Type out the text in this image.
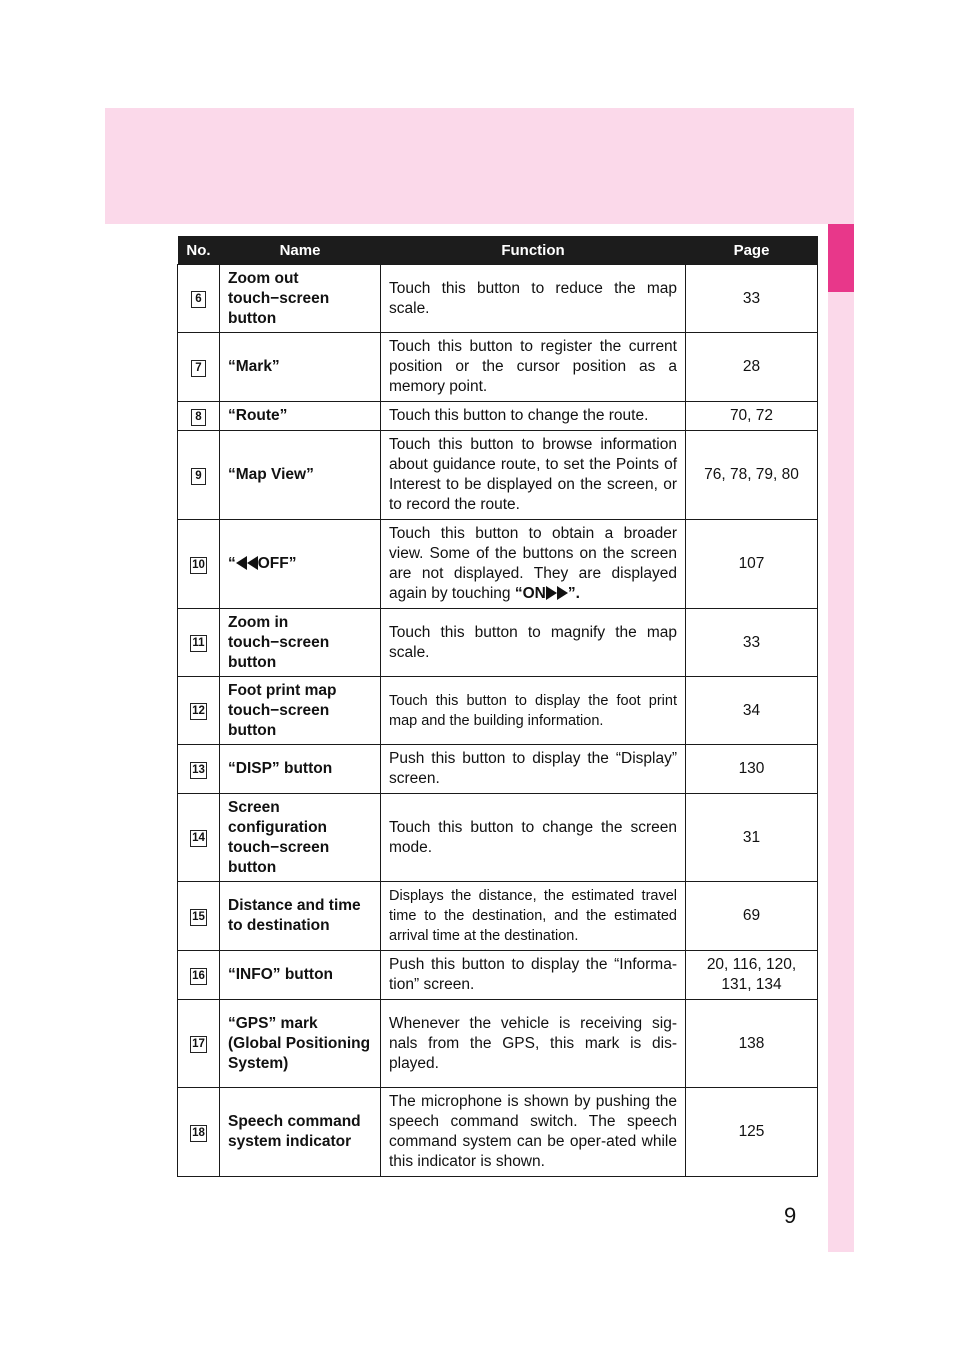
No.	Name	Function	Page
6	Zoom out touch−screen button	Touch this button to reduce the map scale.	33
7	“Mark”	Touch this button to register the current position or the cursor position as a memory point.	28
8	“Route”	Touch this button to change the route.	70, 72
9	“Map View”	Touch this button to browse information about guidance route, to set the Points of Interest to be displayed on the screen, or to record the route.	76, 78, 79, 80
10	“ OFF”	Touch this button to obtain a broader view. Some of the buttons on the screen are not displayed. They are displayed again by touching “ON ”.	107
11	Zoom in touch−screen button	Touch this button to magnify the map scale.	33
12	Foot print map touch−screen button	Touch this button to display the foot print map and the building information.	34
13	“DISP” button	Push this button to display the “Display” screen.	130
14	Screen configuration touch−screen button	Touch this button to change the screen mode.	31
15	Distance and time to destination	Displays the distance, the estimated travel time to the destination, and the estimated arrival time at the destination.	69
16	“INFO” button	Push this button to display the “Informa-tion” screen.	20, 116, 120, 131, 134
17	“GPS” mark (Global Positioning System)	Whenever the vehicle is receiving sig-nals from the GPS, this mark is dis-played.	138
18	Speech command system indicator	The microphone is shown by pushing the speech command switch. The speech command system can be oper-ated while this indicator is shown.	125
9
